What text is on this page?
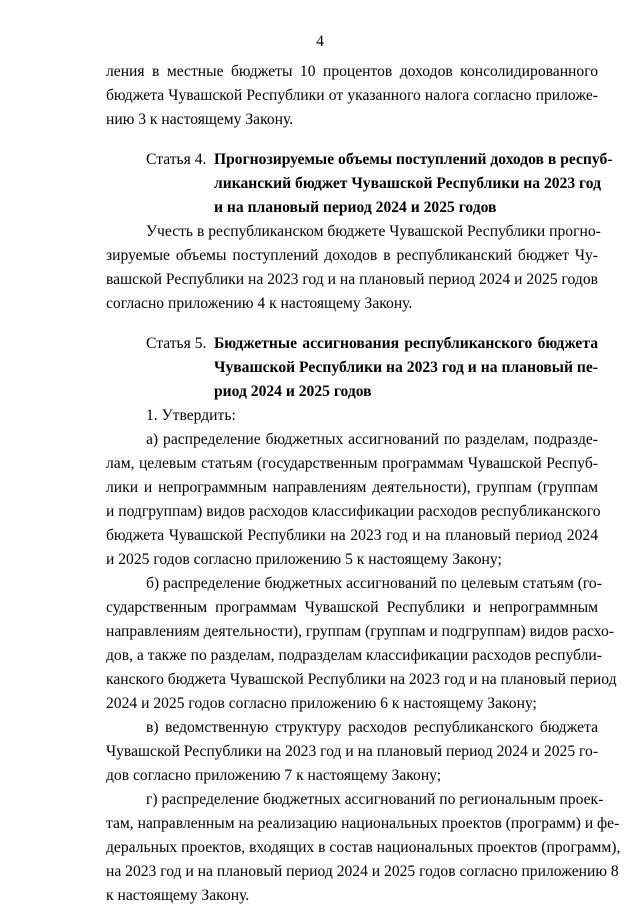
4
ления в местные бюджеты 10 процентов доходов консолидированного
бюджета Чувашской Республики от указанного налога согласно приложе-
нию 3 к настоящему Закону.
Статья 4. Прогнозируемые объемы поступлений доходов в респуб-
ликанский бюджет Чувашской Республики на 2023 год
и на плановый период 2024 и 2025 годов
Учесть в республиканском бюджете Чувашской Республики прогно-
зируемые объемы поступлений доходов в республиканский бюджет Чу-
вашской Республики на 2023 год и на плановый период 2024 и 2025 годов
согласно приложению 4 к настоящему Закону.
Статья 5. Бюджетные ассигнования республиканского бюджета
Чувашской Республики на 2023 год и на плановый пе-
риод 2024 и 2025 годов
1. Утвердить:
а) распределение бюджетных ассигнований по разделам, подразде-
лам, целевым статьям (государственным программам Чувашской Респуб-
лики и непрограммным направлениям деятельности), группам (группам
и подгруппам) видов расходов классификации расходов республиканского
бюджета Чувашской Республики на 2023 год и на плановый период 2024
и 2025 годов согласно приложению 5 к настоящему Закону;
б) распределение бюджетных ассигнований по целевым статьям (го-
сударственным программам Чувашской Республики и непрограммным
направлениям деятельности), группам (группам и подгруппам) видов расхо-
дов, а также по разделам, подразделам классификации расходов республи-
канского бюджета Чувашской Республики на 2023 год и на плановый период
2024 и 2025 годов согласно приложению 6 к настоящему Закону;
в) ведомственную структуру расходов республиканского бюджета
Чувашской Республики на 2023 год и на плановый период 2024 и 2025 го-
дов согласно приложению 7 к настоящему Закону;
г) распределение бюджетных ассигнований по региональным проек-
там, направленным на реализацию национальных проектов (программ) и фе-
деральных проектов, входящих в состав национальных проектов (программ),
на 2023 год и на плановый период 2024 и 2025 годов согласно приложению 8
к настоящему Закону.
